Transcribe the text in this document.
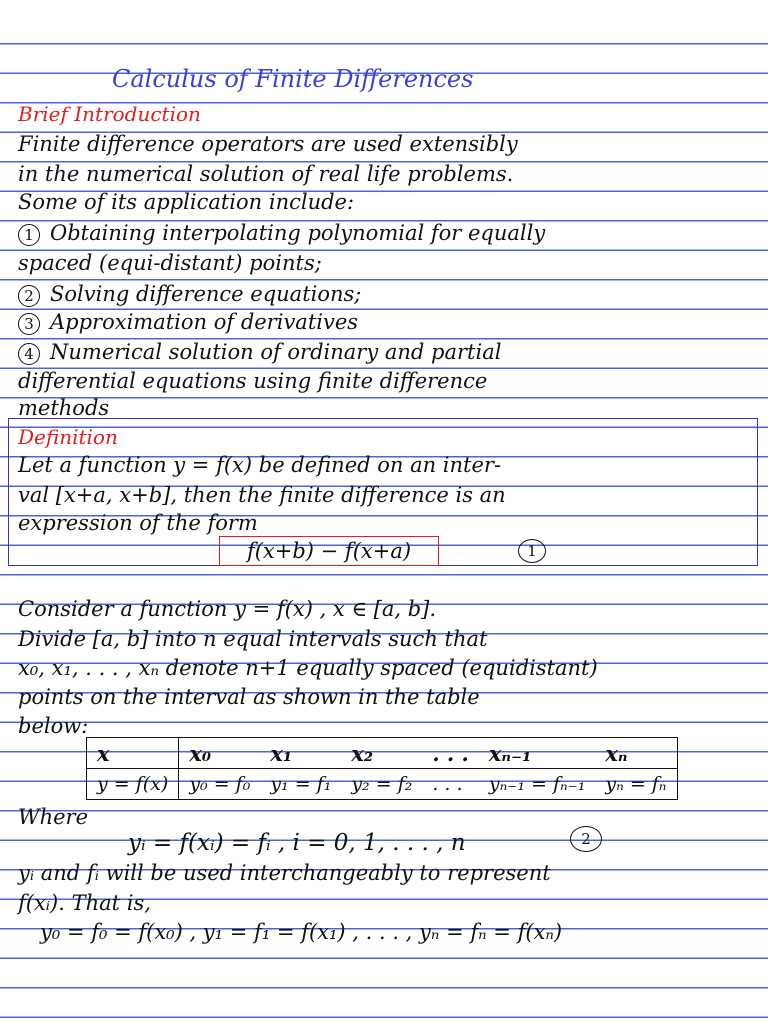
Calculus of Finite Differences
Brief Introduction
Finite difference operators are used extensibly
in the numerical solution of real life problems.
Some of its application include:
1 Obtaining interpolating polynomial for equally
spaced (equi-distant) points;
2 Solving difference equations;
3 Approximation of derivatives
4 Numerical solution of ordinary and partial
differential equations using finite difference
methods
Definition
Let a function y = f(x) be defined on an inter-
val [x+a, x+b], then the finite difference is an
expression of the form
f(x+b) − f(x+a)	1
Consider a function y = f(x) , x ∈ [a, b].
Divide [a, b] into n equal intervals such that
x₀, x₁, . . . , xₙ denote n+1 equally spaced (equidistant)
points on the interval as shown in the table
below:
x	x₀	x₁	x₂	. . .	xₙ₋₁	xₙ
y = f(x)	y₀ = f₀	y₁ = f₁	y₂ = f₂	. . .	yₙ₋₁ = fₙ₋₁	yₙ = fₙ
Where
yᵢ = f(xᵢ) = fᵢ , i = 0, 1, . . . , n	2
yᵢ and fᵢ will be used interchangeably to represent
f(xᵢ). That is,
y₀ = f₀ = f(x₀) , y₁ = f₁ = f(x₁) , . . . , yₙ = fₙ = f(xₙ)
